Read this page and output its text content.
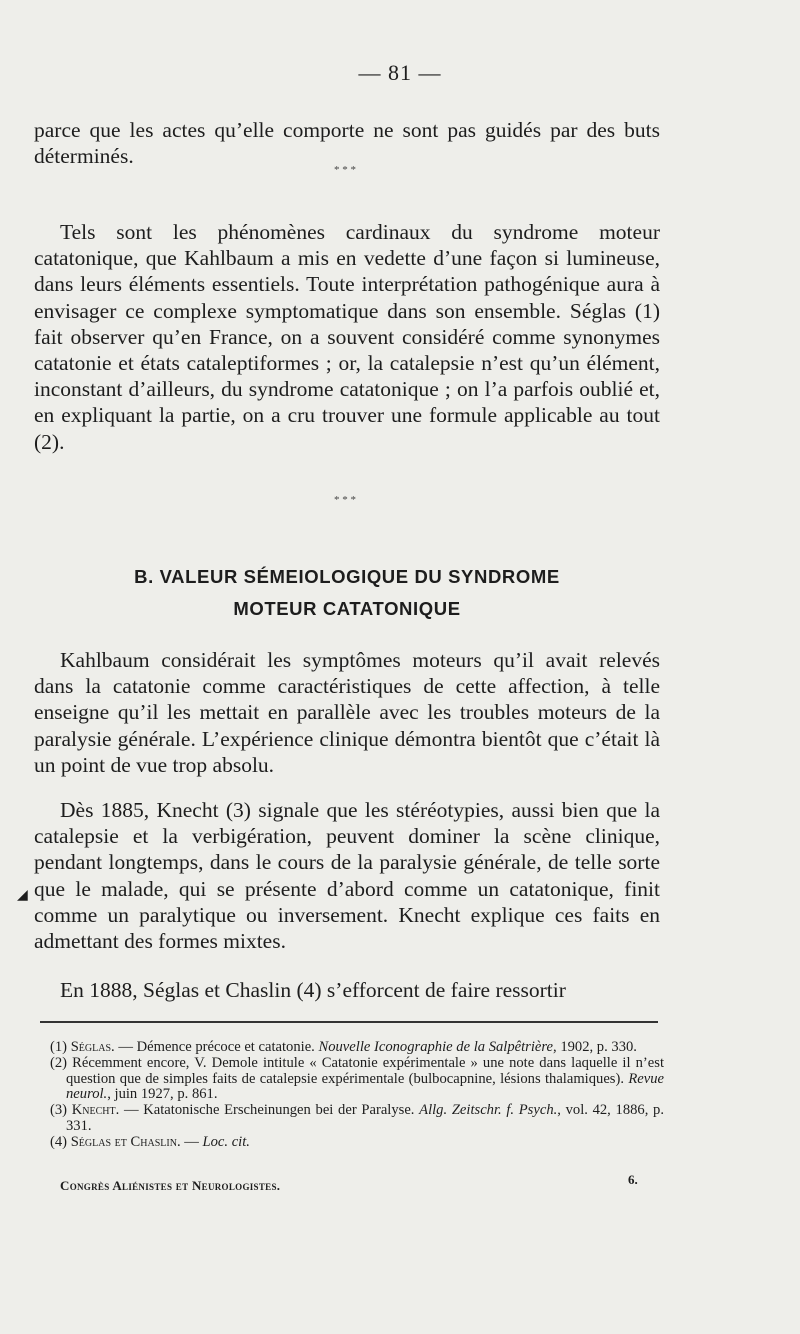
— 81 —

parce que les actes qu’elle comporte ne sont pas guidés par des buts déterminés.

* * *

Tels sont les phénomènes cardinaux du syndrome moteur catatonique, que Kahlbaum a mis en vedette d’une façon si lumineuse, dans leurs éléments essentiels. Toute interprétation pathogénique aura à envisager ce complexe symptomatique dans son ensemble. Séglas (1) fait observer qu’en France, on a souvent considéré comme synonymes catatonie et états cataleptiformes ; or, la catalepsie n’est qu’un élément, inconstant d’ailleurs, du syndrome catatonique ; on l’a parfois oublié et, en expliquant la partie, on a cru trouver une formule applicable au tout (2).

* * *
B. VALEUR SÉMEIOLOGIQUE DU SYNDROME
MOTEUR CATATONIQUE

Kahlbaum considérait les symptômes moteurs qu’il avait relevés dans la catatonie comme caractéristiques de cette affection, à telle enseigne qu’il les mettait en parallèle avec les troubles moteurs de la paralysie générale. L’expérience clinique démontra bientôt que c’était là un point de vue trop absolu.

Dès 1885, Knecht (3) signale que les stéréotypies, aussi bien que la catalepsie et la verbigération, peuvent dominer la scène clinique, pendant longtemps, dans le cours de la paralysie générale, de telle sorte que le malade, qui se présente d’abord comme un catatonique, finit comme un paralytique ou inversement. Knecht explique ces faits en admettant des formes mixtes.

En 1888, Séglas et Chaslin (4) s’efforcent de faire ressortir

◢

(1) Séglas. — Démence précoce et catatonie. Nouvelle Iconographie de la Salpêtrière, 1902, p. 330.

(2) Récemment encore, V. Demole intitule « Catatonie expérimentale » une note dans laquelle il n’est question que de simples faits de catalepsie expérimentale (bulbocapnine, lésions thalamiques). Revue neurol., juin 1927, p. 861.

(3) Knecht. — Katatonische Erscheinungen bei der Paralyse. Allg. Zeitschr. f. Psych., vol. 42, 1886, p. 331.

(4) Séglas et Chaslin. — Loc. cit.

Congrès Aliénistes et Neurologistes.	6.
